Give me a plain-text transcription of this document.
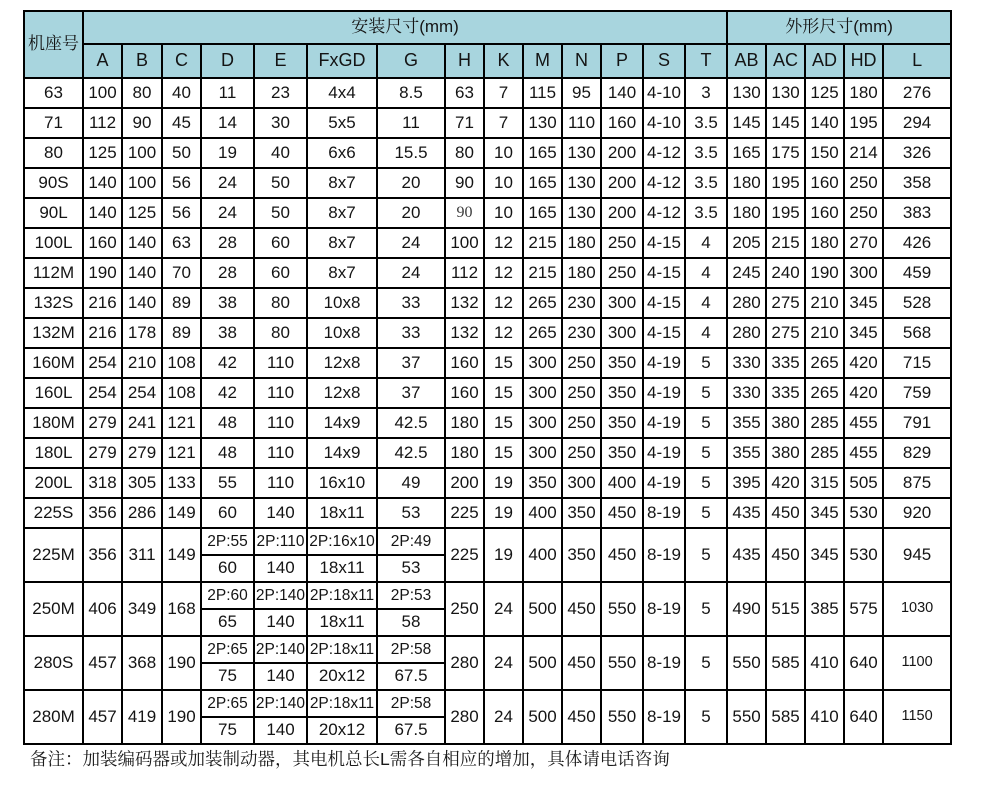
机座号	安装尺寸(mm)														外形尺寸(mm)				
	A	B	C	D	E	FxGD	G	H	K	M	N	P	S	T	AB	AC	AD	HD	L
63	100	80	40	11	23	4x4	8.5	63	7	115	95	140	4-10	3	130	130	125	180	276
71	112	90	45	14	30	5x5	11	71	7	130	110	160	4-10	3.5	145	145	140	195	294
80	125	100	50	19	40	6x6	15.5	80	10	165	130	200	4-12	3.5	165	175	150	214	326
90S	140	100	56	24	50	8x7	20	90	10	165	130	200	4-12	3.5	180	195	160	250	358
90L	140	125	56	24	50	8x7	20	90	10	165	130	200	4-12	3.5	180	195	160	250	383
100L	160	140	63	28	60	8x7	24	100	12	215	180	250	4-15	4	205	215	180	270	426
112M	190	140	70	28	60	8x7	24	112	12	215	180	250	4-15	4	245	240	190	300	459
132S	216	140	89	38	80	10x8	33	132	12	265	230	300	4-15	4	280	275	210	345	528
132M	216	178	89	38	80	10x8	33	132	12	265	230	300	4-15	4	280	275	210	345	568
160M	254	210	108	42	110	12x8	37	160	15	300	250	350	4-19	5	330	335	265	420	715
160L	254	254	108	42	110	12x8	37	160	15	300	250	350	4-19	5	330	335	265	420	759
180M	279	241	121	48	110	14x9	42.5	180	15	300	250	350	4-19	5	355	380	285	455	791
180L	279	279	121	48	110	14x9	42.5	180	15	300	250	350	4-19	5	355	380	285	455	829
200L	318	305	133	55	110	16x10	49	200	19	350	300	400	4-19	5	395	420	315	505	875
225S	356	286	149	60	140	18x11	53	225	19	400	350	450	8-19	5	435	450	345	530	920
225M	356	311	149	2P:55	2P:110	2P:16x10	2P:49	225	19	400	350	450	8-19	5	435	450	345	530	945
				60	140	18x11	53												
250M	406	349	168	2P:60	2P:140	2P:18x11	2P:53	250	24	500	450	550	8-19	5	490	515	385	575	1030
				65	140	18x11	58												
280S	457	368	190	2P:65	2P:140	2P:18x11	2P:58	280	24	500	450	550	8-19	5	550	585	410	640	1100
				75	140	20x12	67.5												
280M	457	419	190	2P:65	2P:140	2P:18x11	2P:58	280	24	500	450	550	8-19	5	550	585	410	640	1150
				75	140	20x12	67.5												
备注：加装编码器或加装制动器，其电机总长L需各自相应的增加，具体请电话咨询
